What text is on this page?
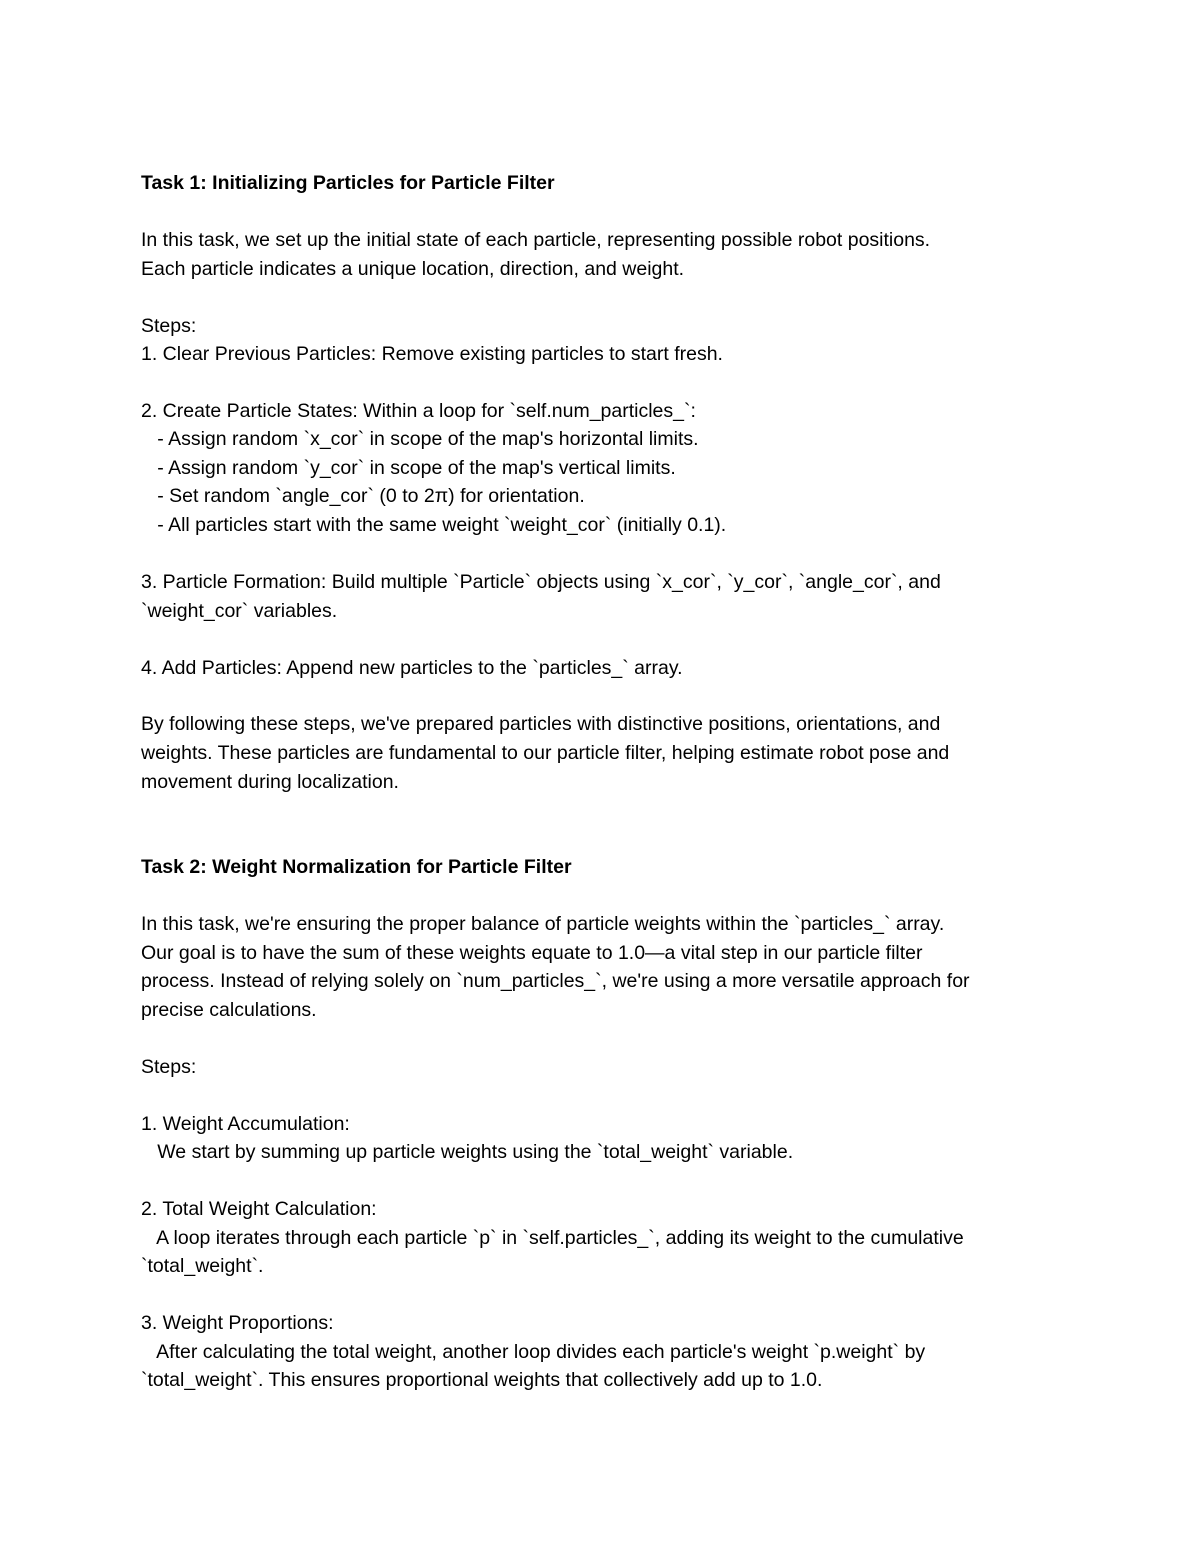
Task 1: Initializing Particles for Particle Filter

In this task, we set up the initial state of each particle, representing possible robot positions.

Each particle indicates a unique location, direction, and weight.

Steps:

1. Clear Previous Particles: Remove existing particles to start fresh.

2. Create Particle States: Within a loop for `self.num_particles_`:

- Assign random `x_cor` in scope of the map's horizontal limits.

- Assign random `y_cor` in scope of the map's vertical limits.

- Set random `angle_cor` (0 to 2π) for orientation.

- All particles start with the same weight `weight_cor` (initially 0.1).

3. Particle Formation: Build multiple `Particle` objects using `x_cor`, `y_cor`, `angle_cor`, and

`weight_cor` variables.

4. Add Particles: Append new particles to the `particles_` array.

By following these steps, we've prepared particles with distinctive positions, orientations, and

weights. These particles are fundamental to our particle filter, helping estimate robot pose and

movement during localization.

Task 2: Weight Normalization for Particle Filter

In this task, we're ensuring the proper balance of particle weights within the `particles_` array.

Our goal is to have the sum of these weights equate to 1.0—a vital step in our particle filter

process. Instead of relying solely on `num_particles_`, we're using a more versatile approach for

precise calculations.

Steps:

1. Weight Accumulation:

We start by summing up particle weights using the `total_weight` variable.

2. Total Weight Calculation:

A loop iterates through each particle `p` in `self.particles_`, adding its weight to the cumulative

`total_weight`.

3. Weight Proportions:

After calculating the total weight, another loop divides each particle's weight `p.weight` by

`total_weight`. This ensures proportional weights that collectively add up to 1.0.
